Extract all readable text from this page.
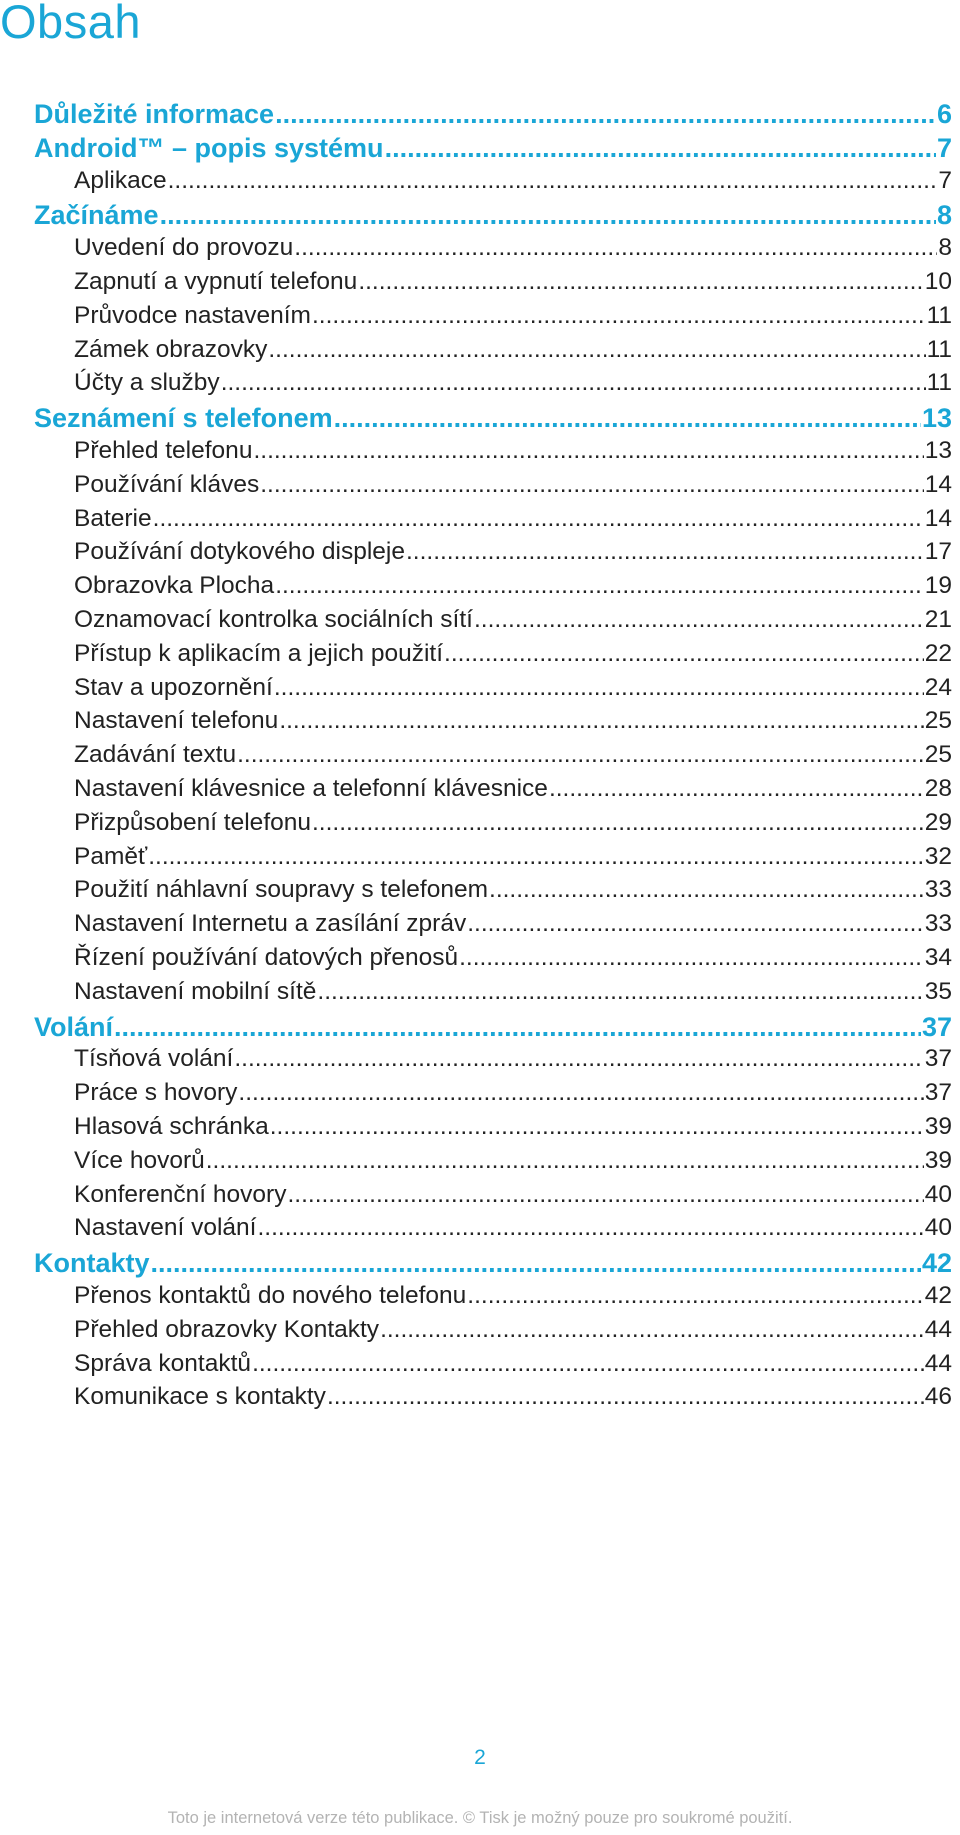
Obsah
Důležité informace .....	6
Android™ – popis systému .....	7
Aplikace .....	7
Začínáme .....	8
Uvedení do provozu .....	8
Zapnutí a vypnutí telefonu .....	10
Průvodce nastavením .....	11
Zámek obrazovky .....	11
Účty a služby .....	11
Seznámení s telefonem .....	13
Přehled telefonu .....	13
Používání kláves .....	14
Baterie .....	14
Používání dotykového displeje .....	17
Obrazovka Plocha .....	19
Oznamovací kontrolka sociálních sítí .....	21
Přístup k aplikacím a jejich použití .....	22
Stav a upozornění .....	24
Nastavení telefonu .....	25
Zadávání textu .....	25
Nastavení klávesnice a telefonní klávesnice .....	28
Přizpůsobení telefonu .....	29
Paměť .....	32
Použití náhlavní soupravy s telefonem .....	33
Nastavení Internetu a zasílání zpráv .....	33
Řízení používání datových přenosů .....	34
Nastavení mobilní sítě .....	35
Volání .....	37
Tísňová volání .....	37
Práce s hovory .....	37
Hlasová schránka .....	39
Více hovorů .....	39
Konferenční hovory .....	40
Nastavení volání .....	40
Kontakty .....	42
Přenos kontaktů do nového telefonu .....	42
Přehled obrazovky Kontakty .....	44
Správa kontaktů .....	44
Komunikace s kontakty .....	46
2
Toto je internetová verze této publikace. © Tisk je možný pouze pro soukromé použití.
